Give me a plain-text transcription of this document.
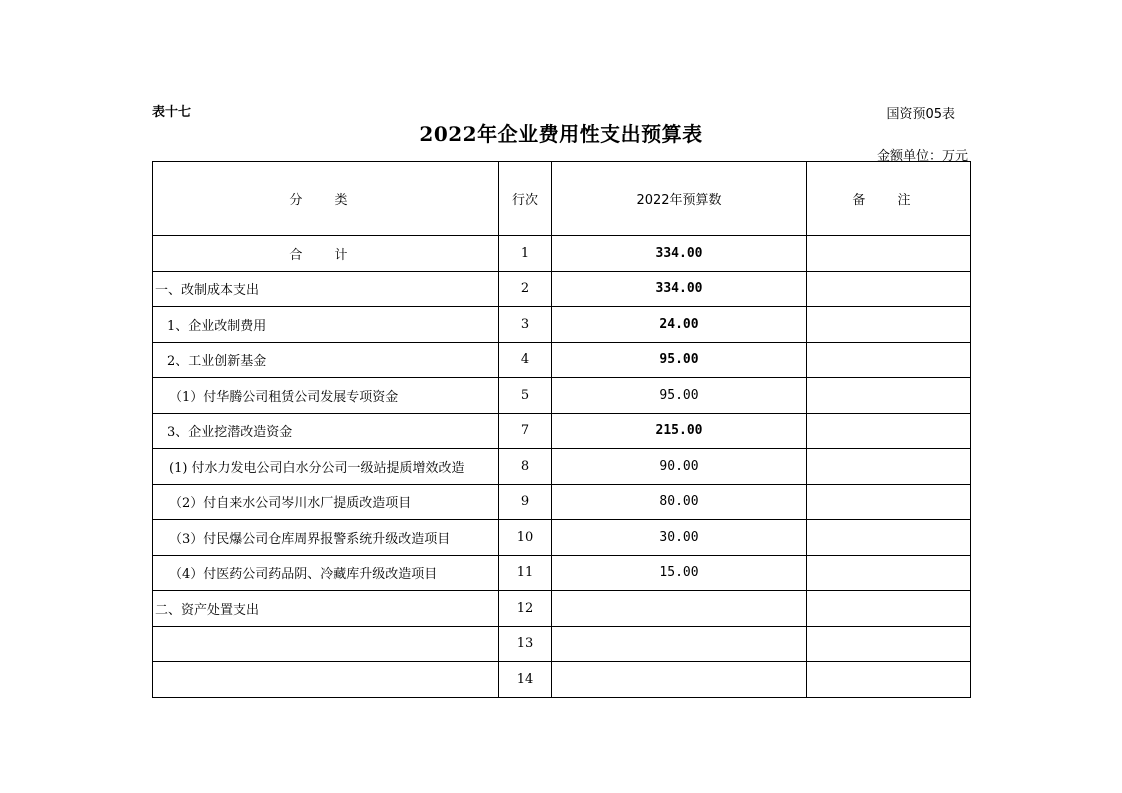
表十七	国资预05表
2022年企业费用性支出预算表
金额单位：万元
分 类	行次	2022年预算数	备 注
合 计	1	334.00	
一、改制成本支出	2	334.00	
1、企业改制费用	3	24.00	
2、工业创新基金	4	95.00	
（1）付华腾公司租赁公司发展专项资金	5	95.00	
3、企业挖潜改造资金	7	215.00	
(1) 付水力发电公司白水分公司一级站提质增效改造	8	90.00	
（2）付自来水公司岑川水厂提质改造项目	9	80.00	
（3）付民爆公司仓库周界报警系统升级改造项目	10	30.00	
（4）付医药公司药品阴、冷藏库升级改造项目	11	15.00	
二、资产处置支出	12		
	13		
	14		
